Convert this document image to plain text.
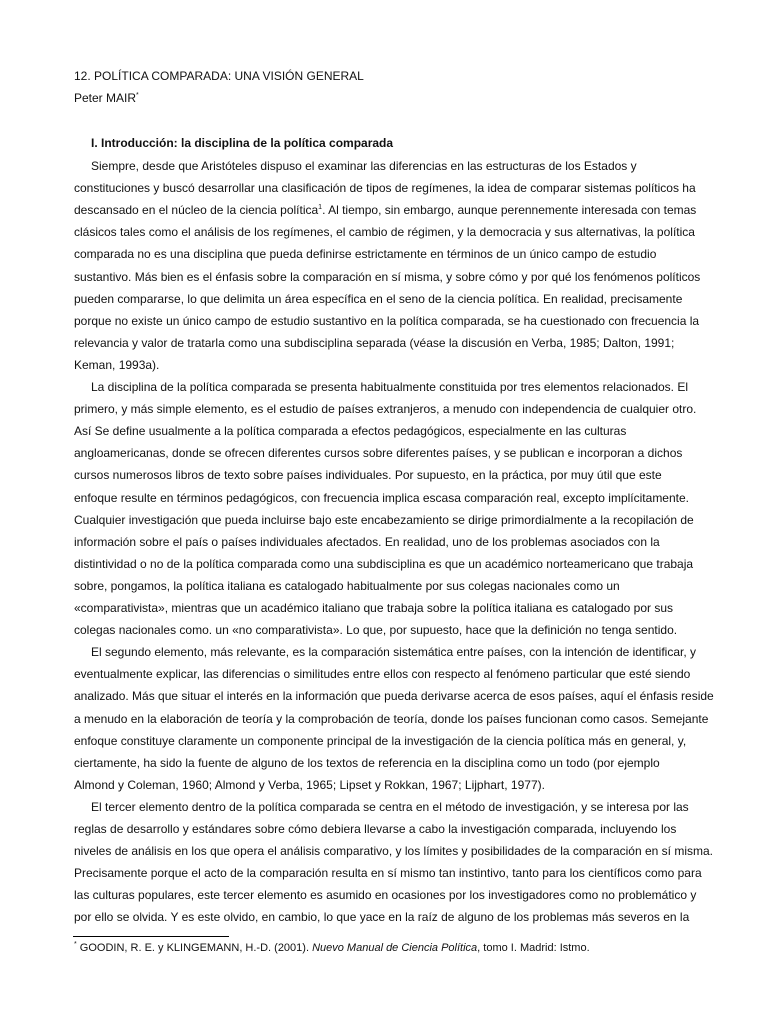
12. POLÍTICA COMPARADA: UNA VISIÓN GENERAL
Peter MAIR*
I. Introducción: la disciplina de la política comparada
Siempre, desde que Aristóteles dispuso el examinar las diferencias en las estructuras de los Estados y
constituciones y buscó desarrollar una clasificación de tipos de regímenes, la idea de comparar sistemas políticos ha
descansado en el núcleo de la ciencia política$^1$. Al tiempo, sin embargo, aunque perennemente interesada con temas
clásicos tales como el análisis de los regímenes, el cambio de régimen, y la democracia y sus alternativas, la política
comparada no es una disciplina que pueda definirse estrictamente en términos de un único campo de estudio
sustantivo. Más bien es el énfasis sobre la comparación en sí misma, y sobre cómo y por qué los fenómenos políticos
pueden compararse, lo que delimita un área específica en el seno de la ciencia política. En realidad, precisamente
porque no existe un único campo de estudio sustantivo en la política comparada, se ha cuestionado con frecuencia la
relevancia y valor de tratarla como una subdisciplina separada (véase la discusión en Verba, 1985; Dalton, 1991;
Keman, 1993a).
La disciplina de la política comparada se presenta habitualmente constituida por tres elementos relacionados. El
primero, y más simple elemento, es el estudio de países extranjeros, a menudo con independencia de cualquier otro.
Así Se define usualmente a la política comparada a efectos pedagógicos, especialmente en las culturas
angloamericanas, donde se ofrecen diferentes cursos sobre diferentes países, y se publican e incorporan a dichos
cursos numerosos libros de texto sobre países individuales. Por supuesto, en la práctica, por muy útil que este
enfoque resulte en términos pedagógicos, con frecuencia implica escasa comparación real, excepto implícitamente.
Cualquier investigación que pueda incluirse bajo este encabezamiento se dirige primordialmente a la recopilación de
información sobre el país o países individuales afectados. En realidad, uno de los problemas asociados con la
distintividad o no de la política comparada como una subdisciplina es que un académico norteamericano que trabaja
sobre, pongamos, la política italiana es catalogado habitualmente por sus colegas nacionales como un
«comparativista», mientras que un académico italiano que trabaja sobre la política italiana es catalogado por sus
colegas nacionales como. un «no comparativista». Lo que, por supuesto, hace que la definición no tenga sentido.
El segundo elemento, más relevante, es la comparación sistemática entre países, con la intención de identificar, y
eventualmente explicar, las diferencias o similitudes entre ellos con respecto al fenómeno particular que esté siendo
analizado. Más que situar el interés en la información que pueda derivarse acerca de esos países, aquí el énfasis reside
a menudo en la elaboración de teoría y la comprobación de teoría, donde los países funcionan como casos. Semejante
enfoque constituye claramente un componente principal de la investigación de la ciencia política más en general, y,
ciertamente, ha sido la fuente de alguno de los textos de referencia en la disciplina como un todo (por ejemplo
Almond y Coleman, 1960; Almond y Verba, 1965; Lipset y Rokkan, 1967; Lijphart, 1977).
El tercer elemento dentro de la política comparada se centra en el método de investigación, y se interesa por las
reglas de desarrollo y estándares sobre cómo debiera llevarse a cabo la investigación comparada, incluyendo los
niveles de análisis en los que opera el análisis comparativo, y los límites y posibilidades de la comparación en sí misma.
Precisamente porque el acto de la comparación resulta en sí mismo tan instintivo, tanto para los científicos como para
las culturas populares, este tercer elemento es asumido en ocasiones por los investigadores como no problemático y
por ello se olvida. Y es este olvido, en cambio, lo que yace en la raíz de alguno de los problemas más severos en la
* GOODIN, R. E. y KLINGEMANN, H.-D. (2001). Nuevo Manual de Ciencia Política, tomo I. Madrid: Istmo.
